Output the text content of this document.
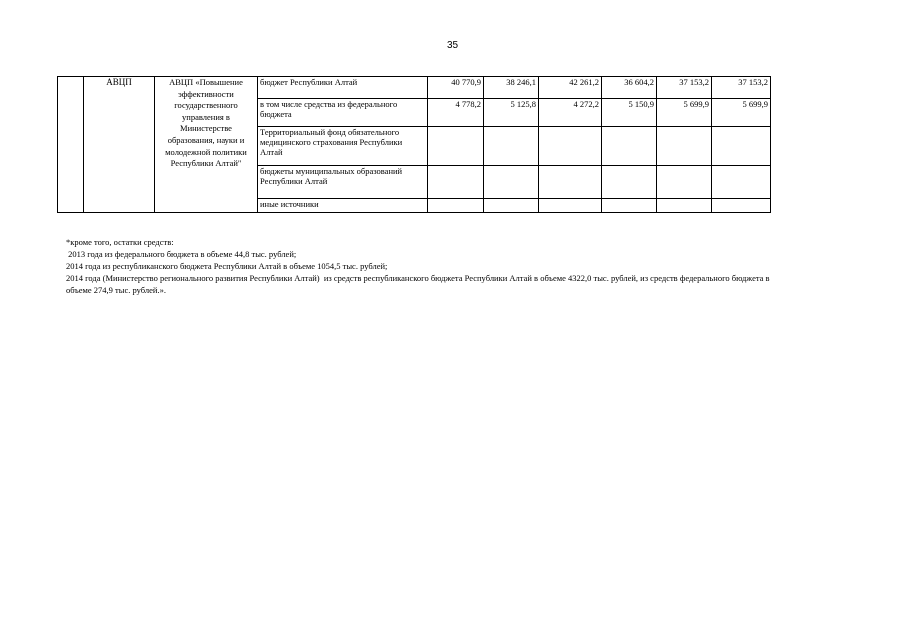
35
	АВЦП	АВЦП «Повышение эффективности государственного управления в Министерстве образования, науки и молодежной политики Республики Алтай"	бюджет Республики Алтай	40 770,9	38 246,1	42 261,2	36 604,2	37 153,2	37 153,2
			в том числе средства из федерального бюджета	4 778,2	5 125,8	4 272,2	5 150,9	5 699,9	5 699,9
			Территориальный фонд обязательного медицинского страхования Республики Алтай						
			бюджеты муниципальных образований Республики Алтай						
			иные источники						
*кроме того, остатки средств:
2013 года из федерального бюджета в объеме 44,8 тыс. рублей;
2014 года из республиканского бюджета Республики Алтай в объеме 1054,5 тыс. рублей;
2014 года (Министерство регионального развития Республики Алтай)  из средств республиканского бюджета Республики Алтай в объеме 4322,0 тыс. рублей, из средств федерального бюджета в объеме 274,9 тыс. рублей.».
